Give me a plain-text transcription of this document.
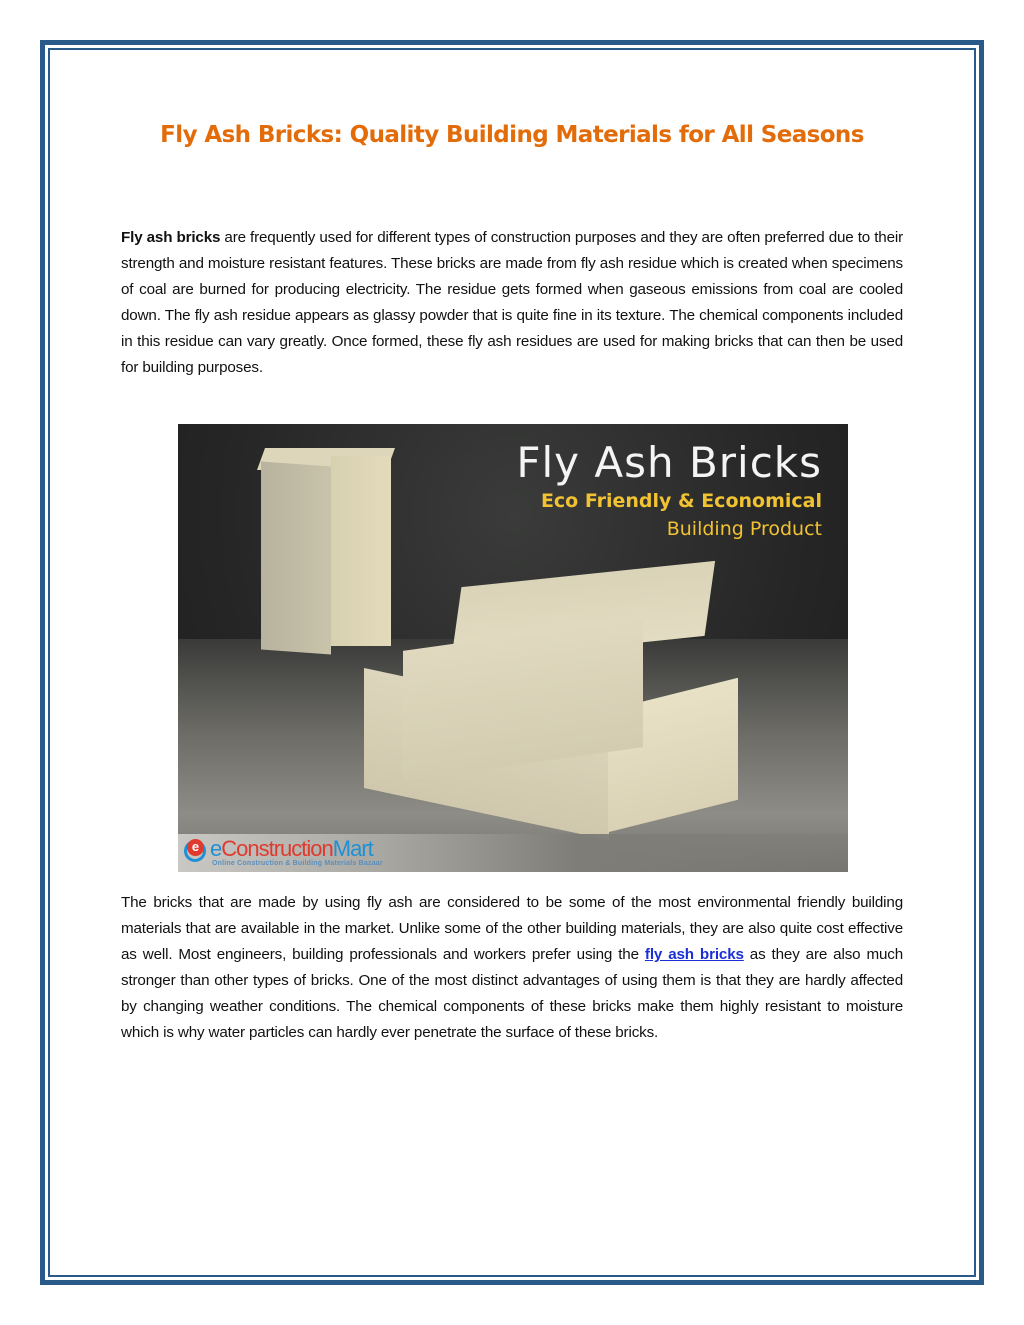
Fly Ash Bricks: Quality Building Materials for All Seasons

Fly ash bricks are frequently used for different types of construction purposes and they are often preferred due to their strength and moisture resistant features. These bricks are made from fly ash residue which is created when specimens of coal are burned for producing electricity. The residue gets formed when gaseous emissions from coal are cooled down. The fly ash residue appears as glassy powder that is quite fine in its texture. The chemical components included in this residue can vary greatly. Once formed, these fly ash residues are used for making bricks that can then be used for building purposes.

Fly Ash Bricks
Eco Friendly & Economical
Building Product
e eConstructionMart
Online Construction & Building Materials Bazaar

The bricks that are made by using fly ash are considered to be some of the most environmental friendly building materials that are available in the market. Unlike some of the other building materials, they are also quite cost effective as well. Most engineers, building professionals and workers prefer using the fly ash bricks as they are also much stronger than other types of bricks. One of the most distinct advantages of using them is that they are hardly affected by changing weather conditions. The chemical components of these bricks make them highly resistant to moisture which is why water particles can hardly ever penetrate the surface of these bricks.
